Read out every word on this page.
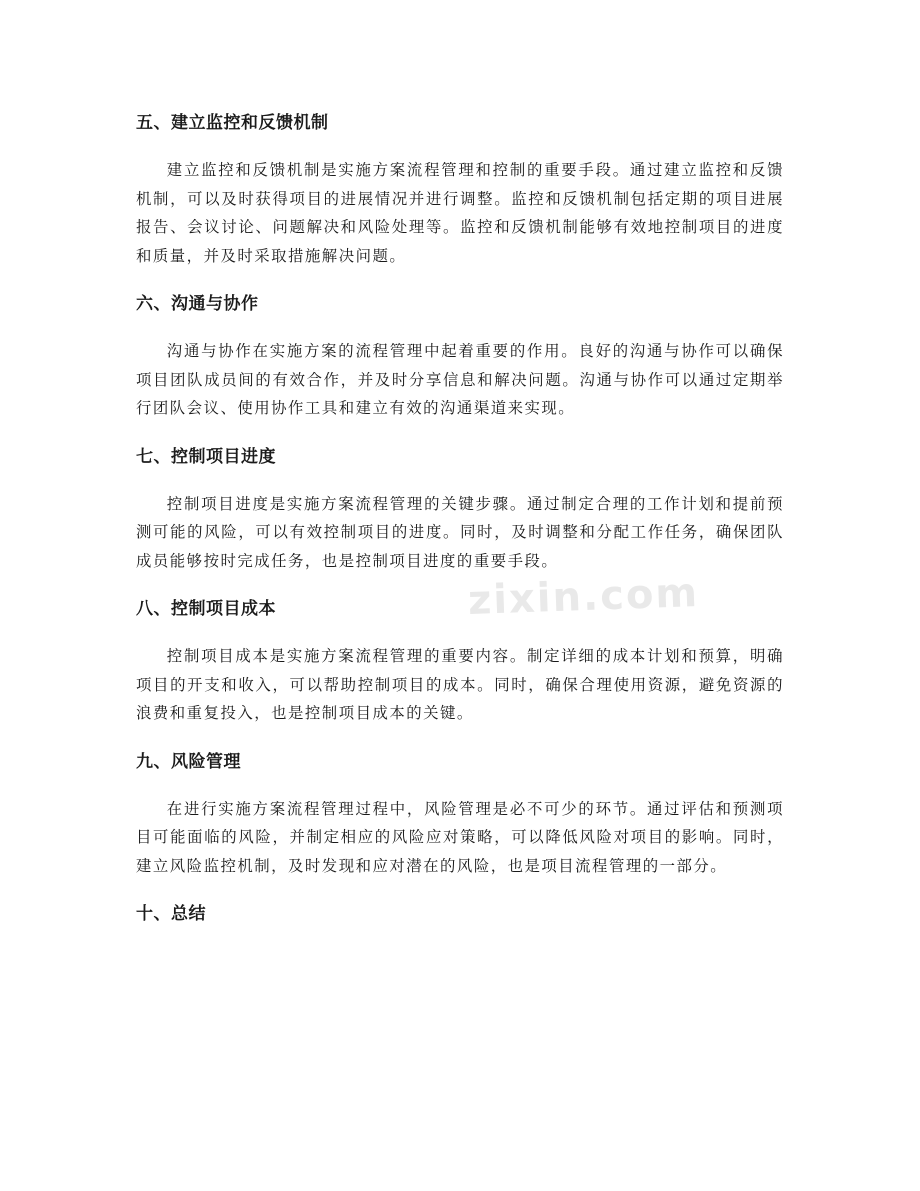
zixin.com
五、建立监控和反馈机制

建立监控和反馈机制是实施方案流程管理和控制的重要手段。通过建立监控和反馈机制，可以及时获得项目的进展情况并进行调整。监控和反馈机制包括定期的项目进展报告、会议讨论、问题解决和风险处理等。监控和反馈机制能够有效地控制项目的进度和质量，并及时采取措施解决问题。

六、沟通与协作

沟通与协作在实施方案的流程管理中起着重要的作用。良好的沟通与协作可以确保项目团队成员间的有效合作，并及时分享信息和解决问题。沟通与协作可以通过定期举行团队会议、使用协作工具和建立有效的沟通渠道来实现。

七、控制项目进度

控制项目进度是实施方案流程管理的关键步骤。通过制定合理的工作计划和提前预测可能的风险，可以有效控制项目的进度。同时，及时调整和分配工作任务，确保团队成员能够按时完成任务，也是控制项目进度的重要手段。

八、控制项目成本

控制项目成本是实施方案流程管理的重要内容。制定详细的成本计划和预算，明确项目的开支和收入，可以帮助控制项目的成本。同时，确保合理使用资源，避免资源的浪费和重复投入，也是控制项目成本的关键。

九、风险管理

在进行实施方案流程管理过程中，风险管理是必不可少的环节。通过评估和预测项目可能面临的风险，并制定相应的风险应对策略，可以降低风险对项目的影响。同时，建立风险监控机制，及时发现和应对潜在的风险，也是项目流程管理的一部分。

十、总结
